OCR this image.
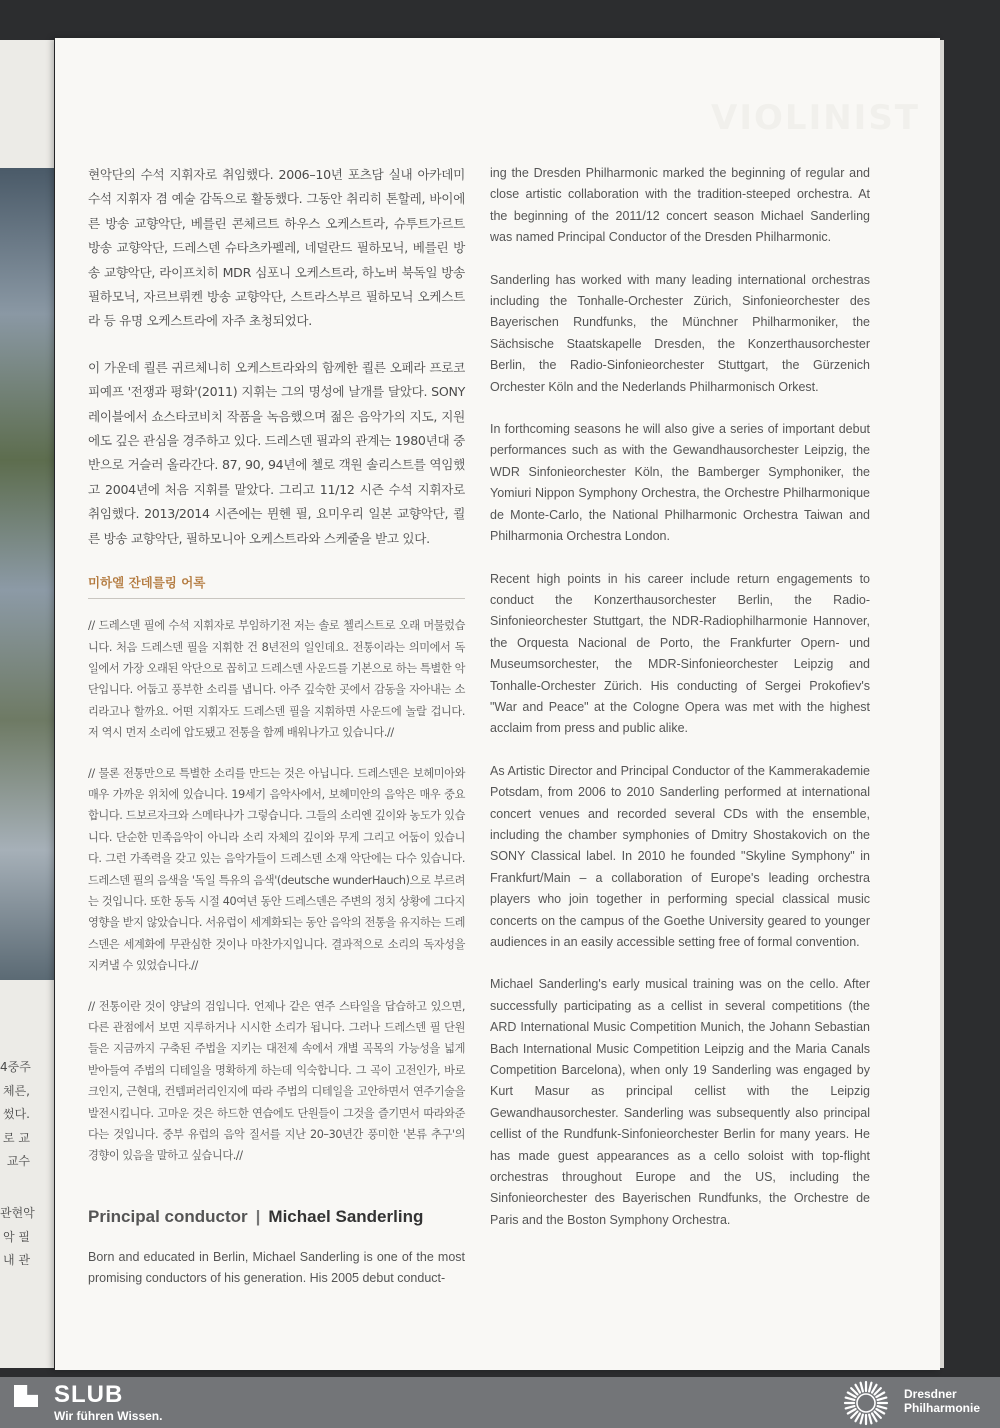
4중주
체른,
썼다.
로 교
교수
관현악
악 필
내 관
VIOLINIST

현악단의 수석 지휘자로 취임했다. 2006–10년 포츠담 실내 아카데미 수석 지휘자 겸 예술 감독으로 활동했다. 그동안 취리히 톤할레, 바이에른 방송 교향악단, 베를린 콘체르트 하우스 오케스트라, 슈투트가르트 방송 교향악단, 드레스덴 슈타츠카펠레, 네덜란드 필하모닉, 베를린 방송 교향악단, 라이프치히 MDR 심포니 오케스트라, 하노버 북독일 방송 필하모닉, 자르브뤼켄 방송 교향악단, 스트라스부르 필하모닉 오케스트라 등 유명 오케스트라에 자주 초청되었다.

이 가운데 쾰른 귀르체니히 오케스트라와의 함께한 쾰른 오페라 프로코피예프 '전쟁과 평화'(2011) 지휘는 그의 명성에 날개를 달았다. SONY 레이블에서 쇼스타코비치 작품을 녹음했으며 젊은 음악가의 지도, 지원에도 깊은 관심을 경주하고 있다. 드레스덴 필과의 관계는 1980년대 중반으로 거슬러 올라간다. 87, 90, 94년에 첼로 객원 솔리스트를 역임했고 2004년에 처음 지휘를 맡았다. 그리고 11/12 시즌 수석 지휘자로 취임했다. 2013/2014 시즌에는 뮌헨 필, 요미우리 일본 교향악단, 쾰른 방송 교향악단, 필하모니아 오케스트라와 스케줄을 받고 있다.

미하엘 잔데를링 어록

// 드레스덴 필에 수석 지휘자로 부임하기전 저는 솔로 첼리스트로 오래 머물렀습니다. 처음 드레스덴 필을 지휘한 건 8년전의 일인데요. 전통이라는 의미에서 독일에서 가장 오래된 악단으로 꼽히고 드레스덴 사운드를 기본으로 하는 특별한 악단입니다. 어둡고 풍부한 소리를 냅니다. 아주 깊숙한 곳에서 감동을 자아내는 소리라고나 할까요. 어떤 지휘자도 드레스덴 필을 지휘하면 사운드에 놀랄 겁니다. 저 역시 먼저 소리에 압도됐고 전통을 함께 배워나가고 있습니다.//

// 물론 전통만으로 특별한 소리를 만드는 것은 아닙니다. 드레스덴은 보헤미아와 매우 가까운 위치에 있습니다. 19세기 음악사에서, 보헤미안의 음악은 매우 중요합니다. 드보르자크와 스메타나가 그렇습니다. 그들의 소리엔 깊이와 농도가 있습니다. 단순한 민족음악이 아니라 소리 자체의 깊이와 무게 그리고 어둠이 있습니다. 그런 가족력을 갖고 있는 음악가들이 드레스덴 소재 악단에는 다수 있습니다. 드레스덴 필의 음색을 '독일 특유의 음색'(deutsche wunderHauch)으로 부르려는 것입니다. 또한 동독 시절 40여년 동안 드레스덴은 주변의 정치 상황에 그다지 영향을 받지 않았습니다. 서유럽이 세계화되는 동안 음악의 전통을 유지하는 드레스덴은 세계화에 무관심한 것이나 마찬가지입니다. 결과적으로 소리의 독자성을 지켜낼 수 있었습니다.//

// 전통이란 것이 양날의 검입니다. 언제나 같은 연주 스타일을 답습하고 있으면, 다른 관점에서 보면 지루하거나 시시한 소리가 됩니다. 그러나 드레스덴 필 단원들은 지금까지 구축된 주법을 지키는 대전제 속에서 개별 곡목의 가능성을 넓게 받아들여 주법의 디테일을 명확하게 하는데 익숙합니다. 그 곡이 고전인가, 바로크인지, 근현대, 컨템퍼러리인지에 따라 주법의 디테일을 고안하면서 연주기술을 발전시킵니다. 고마운 것은 하드한 연습에도 단원들이 그것을 즐기면서 따라와준다는 것입니다. 중부 유럽의 음악 질서를 지난 20–30년간 풍미한 '본류 추구'의 경향이 있음을 말하고 싶습니다.//

Principal conductor | Michael Sanderling

Born and educated in Berlin, Michael Sanderling is one of the most promising conductors of his generation. His 2005 debut conduct-

ing the Dresden Philharmonic marked the beginning of regular and close artistic collaboration with the tradition-steeped orchestra. At the beginning of the 2011/12 concert season Michael Sanderling was named Principal Conductor of the Dresden Philharmonic.

Sanderling has worked with many leading international orchestras including the Tonhalle-Orchester Zürich, Sinfonieorchester des Bayerischen Rundfunks, the Münchner Philharmoniker, the Sächsische Staatskapelle Dresden, the Konzerthausorchester Berlin, the Radio-Sinfonieorchester Stuttgart, the Gürzenich Orchester Köln and the Nederlands Philharmonisch Orkest.

In forthcoming seasons he will also give a series of important debut performances such as with the Gewandhausorchester Leipzig, the WDR Sinfonieorchester Köln, the Bamberger Symphoniker, the Yomiuri Nippon Symphony Orchestra, the Orchestre Philharmonique de Monte-Carlo, the National Philharmonic Orchestra Taiwan and Philharmonia Orchestra London.

Recent high points in his career include return engagements to conduct the Konzerthausorchester Berlin, the Radio-Sinfonieorchester Stuttgart, the NDR-Radiophilharmonie Hannover, the Orquesta Nacional de Porto, the Frankfurter Opern- und Museumsorchester, the MDR-Sinfonieorchester Leipzig and Tonhalle-Orchester Zürich. His conducting of Sergei Prokofiev's "War and Peace" at the Cologne Opera was met with the highest acclaim from press and public alike.

As Artistic Director and Principal Conductor of the Kammerakademie Potsdam, from 2006 to 2010 Sanderling performed at international concert venues and recorded several CDs with the ensemble, including the chamber symphonies of Dmitry Shostakovich on the SONY Classical label. In 2010 he founded "Skyline Symphony" in Frankfurt/Main – a collaboration of Europe's leading orchestra players who join together in performing special classical music concerts on the campus of the Goethe University geared to younger audiences in an easily accessible setting free of formal convention.

Michael Sanderling's early musical training was on the cello. After successfully participating as a cellist in several competitions (the ARD International Music Competition Munich, the Johann Sebastian Bach International Music Competition Leipzig and the Maria Canals Competition Barcelona), when only 19 Sanderling was engaged by Kurt Masur as principal cellist with the Leipzig Gewandhausorchester. Sanderling was subsequently also principal cellist of the Rundfunk-Sinfonieorchester Berlin for many years. He has made guest appearances as a cello soloist with top-flight orchestras throughout Europe and the US, including the Sinfonieorchester des Bayerischen Rundfunks, the Orchestre de Paris and the Boston Symphony Orchestra.

SLUB
Wir führen Wissen.
Dresdner
Philharmonie
